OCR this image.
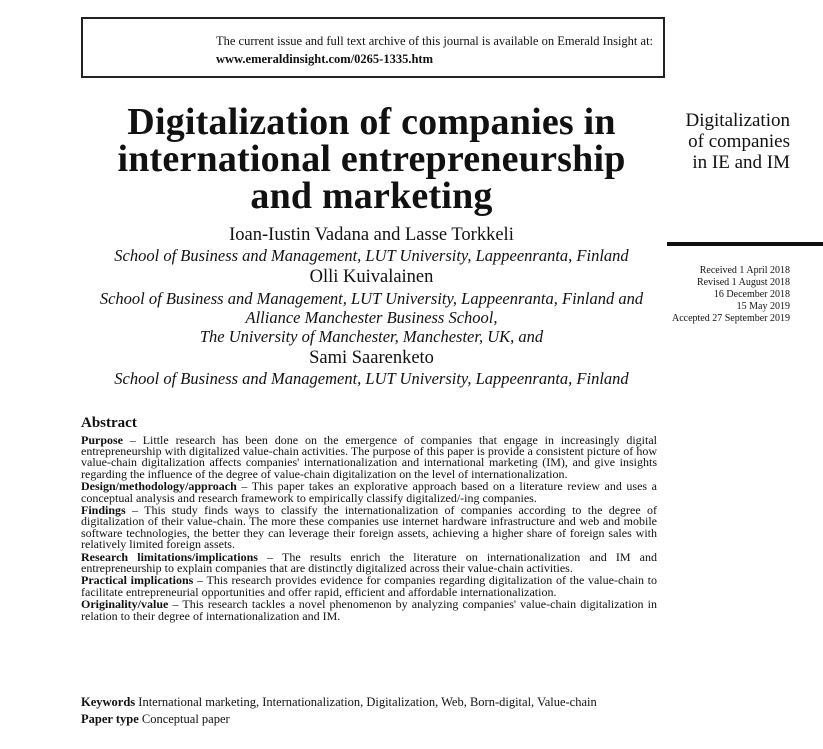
The current issue and full text archive of this journal is available on Emerald Insight at:
www.emeraldinsight.com/0265-1335.htm
Digitalization of companies in
international entrepreneurship
and marketing
Digitalization
of companies
in IE and IM
Received 1 April 2018
Revised 1 August 2018
16 December 2018
15 May 2019
Accepted 27 September 2019
Ioan-Iustin Vadana and Lasse Torkkeli
School of Business and Management, LUT University, Lappeenranta, Finland
Olli Kuivalainen
School of Business and Management, LUT University, Lappeenranta, Finland and
Alliance Manchester Business School,
The University of Manchester, Manchester, UK, and
Sami Saarenketo
School of Business and Management, LUT University, Lappeenranta, Finland
Abstract

Purpose – Little research has been done on the emergence of companies that engage in increasingly digital entrepreneurship with digitalized value-chain activities. The purpose of this paper is provide a consistent picture of how value-chain digitalization affects companies' internationalization and international marketing (IM), and give insights regarding the influence of the degree of value-chain digitalization on the level of internationalization.

Design/methodology/approach – This paper takes an explorative approach based on a literature review and uses a conceptual analysis and research framework to empirically classify digitalized/-ing companies.

Findings – This study finds ways to classify the internationalization of companies according to the degree of digitalization of their value-chain. The more these companies use internet hardware infrastructure and web and mobile software technologies, the better they can leverage their foreign assets, achieving a higher share of foreign sales with relatively limited foreign assets.

Research limitations/implications – The results enrich the literature on internationalization and IM and entrepreneurship to explain companies that are distinctly digitalized across their value-chain activities.

Practical implications – This research provides evidence for companies regarding digitalization of the value-chain to facilitate entrepreneurial opportunities and offer rapid, efficient and affordable internationalization.

Originality/value – This research tackles a novel phenomenon by analyzing companies' value-chain digitalization in relation to their degree of internationalization and IM.

Keywords International marketing, Internationalization, Digitalization, Web, Born-digital, Value-chain
Paper type Conceptual paper
